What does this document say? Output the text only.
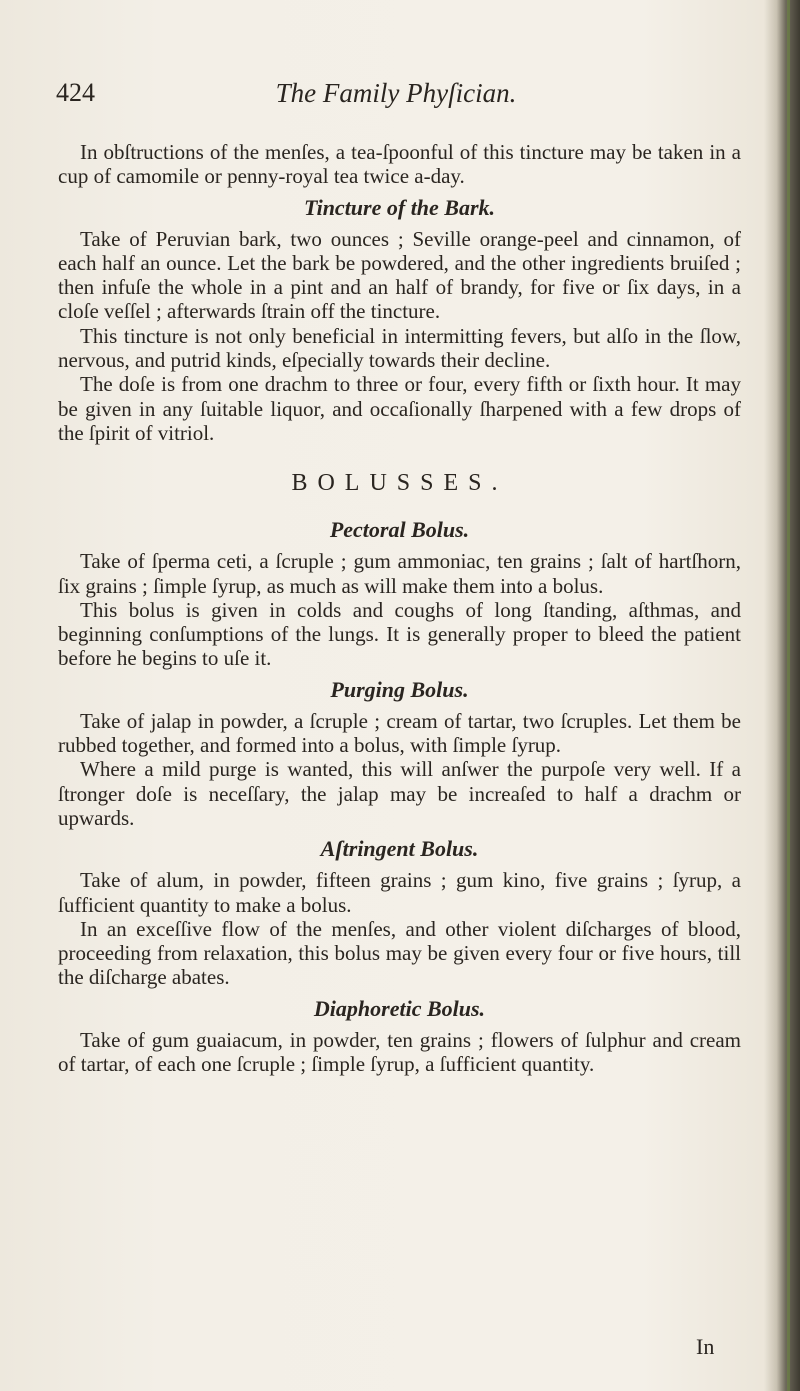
424	The Family Phyſician.

In obſtructions of the menſes, a tea-ſpoonful of this tincture may be taken in a cup of camomile or penny-royal tea twice a-day.

Tincture of the Bark.

Take of Peruvian bark, two ounces ; Seville orange-peel and cinnamon, of each half an ounce. Let the bark be powdered, and the other ingredients bruiſed ; then infuſe the whole in a pint and an half of brandy, for five or ſix days, in a cloſe veſſel ; afterwards ſtrain off the tincture.

This tincture is not only beneficial in intermitting fevers, but alſo in the ſlow, nervous, and putrid kinds, eſpecially towards their decline.

The doſe is from one drachm to three or four, every fifth or ſixth hour. It may be given in any ſuitable liquor, and occaſionally ſharpened with a few drops of the ſpirit of vitriol.

BOLUSSES.
Pectoral Bolus.

Take of ſperma ceti, a ſcruple ; gum ammoniac, ten grains ; ſalt of hartſhorn, ſix grains ; ſimple ſyrup, as much as will make them into a bolus.

This bolus is given in colds and coughs of long ſtanding, aſthmas, and beginning conſumptions of the lungs. It is generally proper to bleed the patient before he begins to uſe it.

Purging Bolus.

Take of jalap in powder, a ſcruple ; cream of tartar, two ſcruples. Let them be rubbed together, and formed into a bolus, with ſimple ſyrup.

Where a mild purge is wanted, this will anſwer the purpoſe very well. If a ſtronger doſe is neceſſary, the jalap may be increaſed to half a drachm or upwards.

Aſtringent Bolus.

Take of alum, in powder, fifteen grains ; gum kino, five grains ; ſyrup, a ſufficient quantity to make a bolus.

In an exceſſive flow of the menſes, and other violent diſcharges of blood, proceeding from relaxation, this bolus may be given every four or five hours, till the diſcharge abates.

Diaphoretic Bolus.

Take of gum guaiacum, in powder, ten grains ; flowers of ſulphur and cream of tartar, of each one ſcruple ; ſimple ſyrup, a ſufficient quantity.

In
